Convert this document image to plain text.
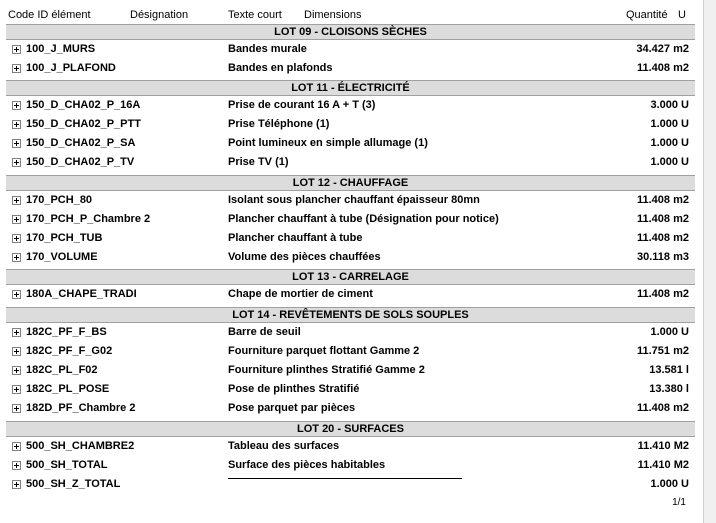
Code ID élément	Désignation	Texte court Dimensions	Quantité U
LOT 09 - CLOISONS SÈCHES
100_J_MURS	Bandes murale	34.427 m2
100_J_PLAFOND	Bandes en plafonds	11.408 m2
LOT 11 - ÉLECTRICITÉ
150_D_CHA02_P_16A	Prise de courant 16 A + T (3)	3.000 U
150_D_CHA02_P_PTT	Prise Téléphone (1)	1.000 U
150_D_CHA02_P_SA	Point lumineux en simple allumage (1)	1.000 U
150_D_CHA02_P_TV	Prise TV (1)	1.000 U
LOT 12 - CHAUFFAGE
170_PCH_80	Isolant sous plancher chauffant épaisseur 80mn	11.408 m2
170_PCH_P_Chambre 2	Plancher chauffant à tube (Désignation pour notice)	11.408 m2
170_PCH_TUB	Plancher chauffant à tube	11.408 m2
170_VOLUME	Volume des pièces chauffées	30.118 m3
LOT 13 - CARRELAGE
180A_CHAPE_TRADI	Chape de mortier de ciment	11.408 m2
LOT 14 - REVÊTEMENTS DE SOLS SOUPLES
182C_PF_F_BS	Barre de seuil	1.000 U
182C_PF_F_G02	Fourniture parquet flottant Gamme 2	11.751 m2
182C_PL_F02	Fourniture plinthes Stratifié Gamme 2	13.581 l
182C_PL_POSE	Pose de plinthes Stratifié	13.380 l
182D_PF_Chambre 2	Pose parquet par pièces	11.408 m2
LOT 20 - SURFACES
500_SH_CHAMBRE2	Tableau des surfaces	11.410 M2
500_SH_TOTAL	Surface des pièces habitables	11.410 M2
500_SH_Z_TOTAL	1.000 U
1/1
